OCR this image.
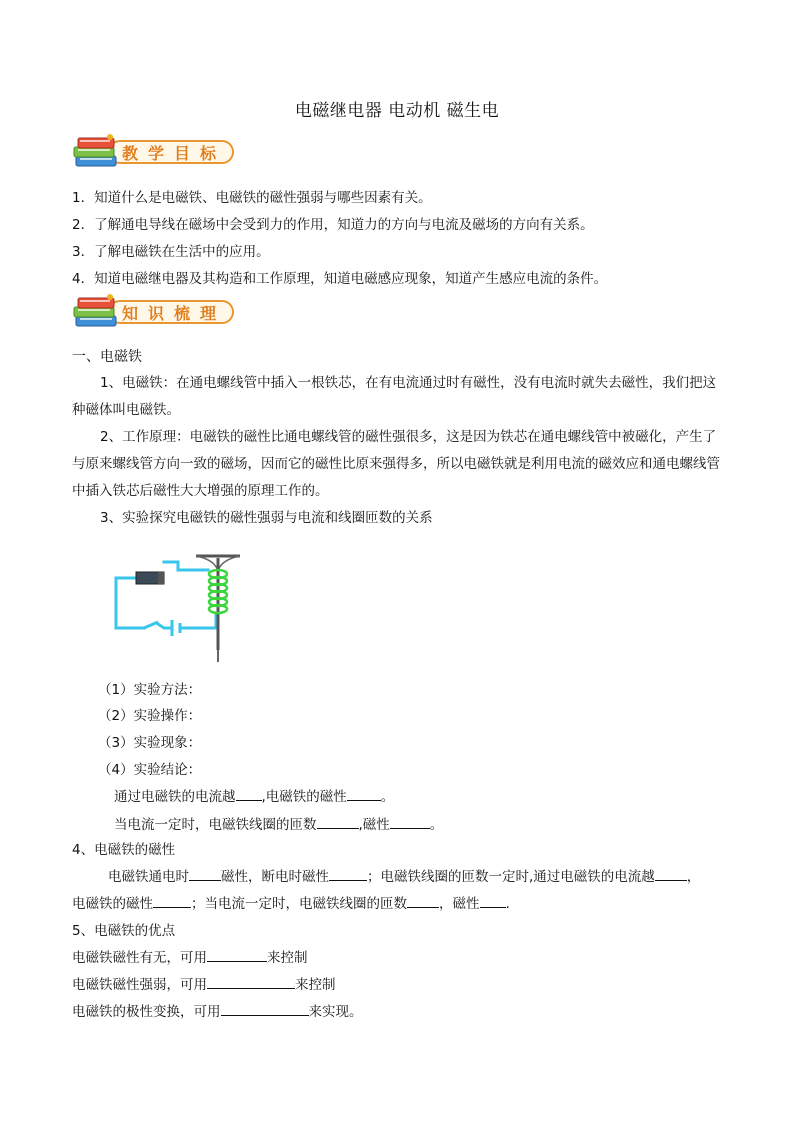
电磁继电器 电动机 磁生电
教学目标
1．知道什么是电磁铁、电磁铁的磁性强弱与哪些因素有关。
2．了解通电导线在磁场中会受到力的作用，知道力的方向与电流及磁场的方向有关系。
3．了解电磁铁在生活中的应用。
4．知道电磁继电器及其构造和工作原理，知道电磁感应现象，知道产生感应电流的条件。
知识梳理
一、电磁铁
1、电磁铁：在通电螺线管中插入一根铁芯，在有电流通过时有磁性，没有电流时就失去磁性，我们把这种磁体叫电磁铁。
2、工作原理：电磁铁的磁性比通电螺线管的磁性强很多，这是因为铁芯在通电螺线管中被磁化，产生了与原来螺线管方向一致的磁场，因而它的磁性比原来强得多，所以电磁铁就是利用电流的磁效应和通电螺线管中插入铁芯后磁性大大增强的原理工作的。
3、实验探究电磁铁的磁性强弱与电流和线圈匝数的关系
（1）实验方法：
（2）实验操作：
（3）实验现象：
（4）实验结论：
通过电磁铁的电流越 ,电磁铁的磁性	。
当电流一定时，电磁铁线圈的匝数	,磁性	。
4、电磁铁的磁性
电磁铁通电时 磁性，断电时磁性	；电磁铁线圈的匝数一定时,通过电磁铁的电流越 ，
电磁铁的磁性	；当电流一定时，电磁铁线圈的匝数 ，磁性 .
5、电磁铁的优点
电磁铁磁性有无，可用	来控制
电磁铁磁性强弱，可用	来控制
电磁铁的极性变换，可用	来实现。
